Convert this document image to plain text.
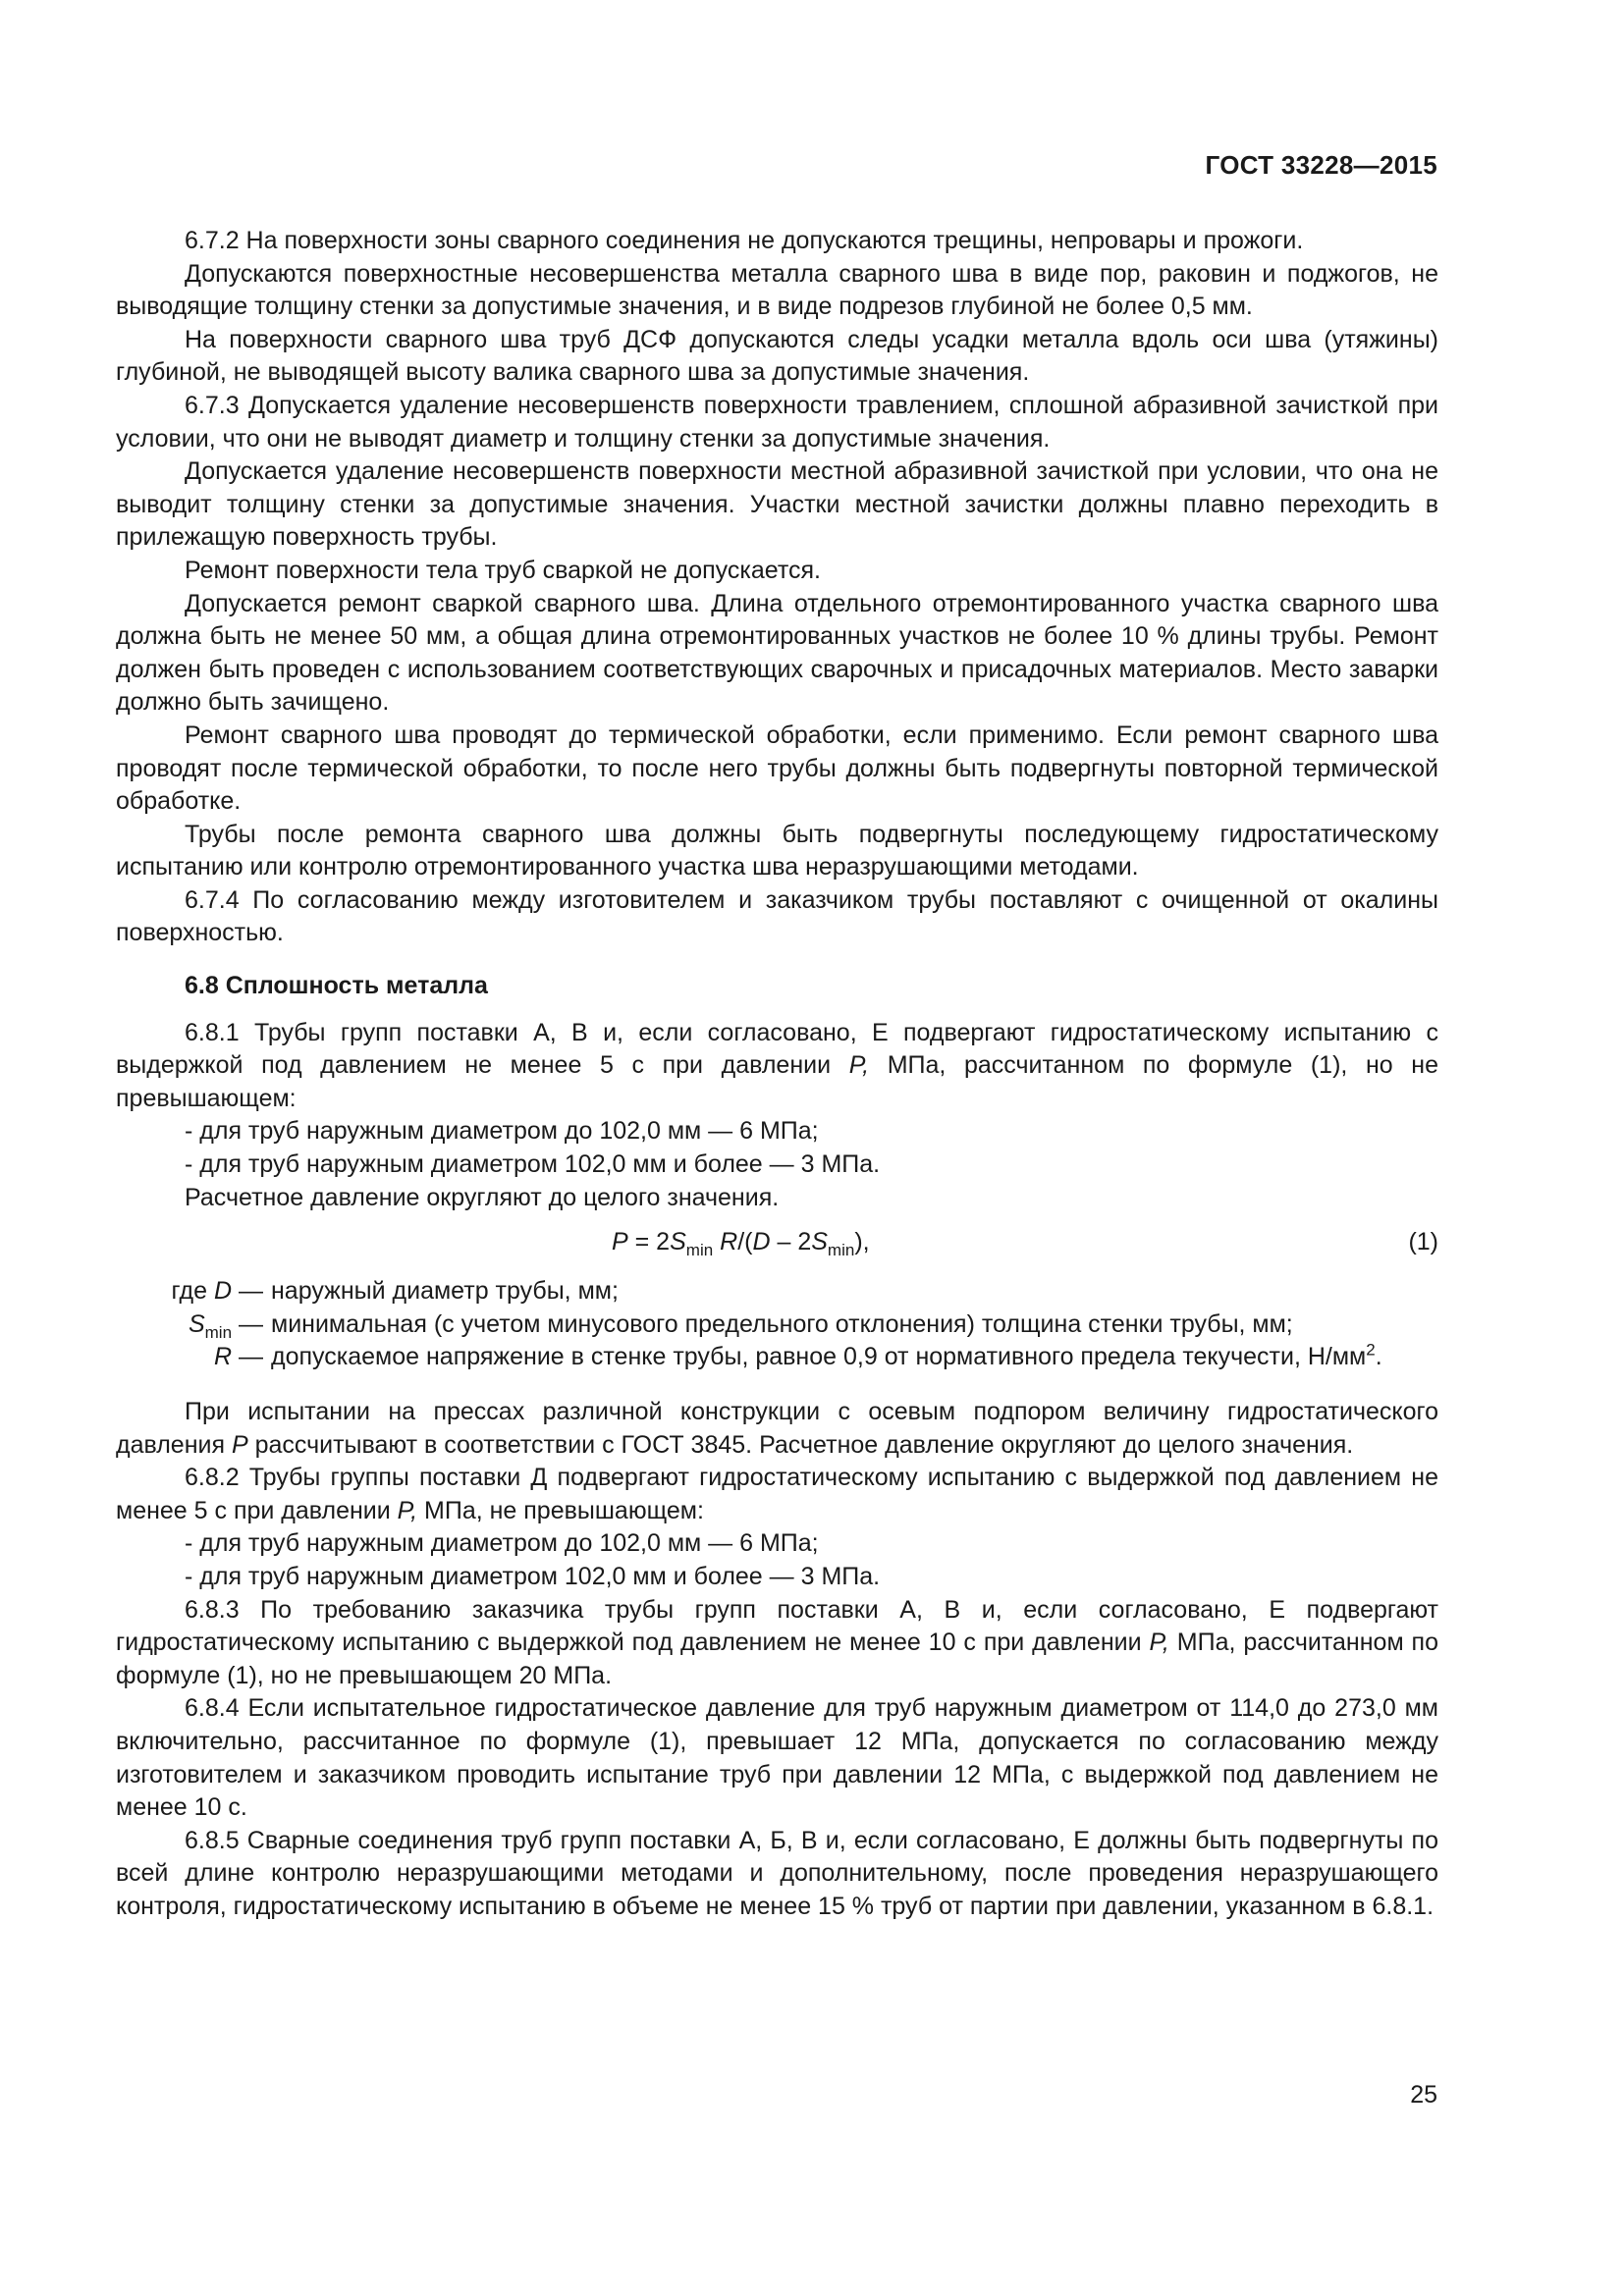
ГОСТ 33228—2015

6.7.2 На поверхности зоны сварного соединения не допускаются трещины, непровары и прожоги.

Допускаются поверхностные несовершенства металла сварного шва в виде пор, раковин и поджогов, не выводящие толщину стенки за допустимые значения, и в виде подрезов глубиной не более 0,5 мм.

На поверхности сварного шва труб ДСФ допускаются следы усадки металла вдоль оси шва (утяжины) глубиной, не выводящей высоту валика сварного шва за допустимые значения.

6.7.3 Допускается удаление несовершенств поверхности травлением, сплошной абразивной зачисткой при условии, что они не выводят диаметр и толщину стенки за допустимые значения.

Допускается удаление несовершенств поверхности местной абразивной зачисткой при условии, что она не выводит толщину стенки за допустимые значения. Участки местной зачистки должны плавно переходить в прилежащую поверхность трубы.

Ремонт поверхности тела труб сваркой не допускается.

Допускается ремонт сваркой сварного шва. Длина отдельного отремонтированного участка сварного шва должна быть не менее 50 мм, а общая длина отремонтированных участков не более 10 % длины трубы. Ремонт должен быть проведен с использованием соответствующих сварочных и присадочных материалов. Место заварки должно быть зачищено.

Ремонт сварного шва проводят до термической обработки, если применимо. Если ремонт сварного шва проводят после термической обработки, то после него трубы должны быть подвергнуты повторной термической обработке.

Трубы после ремонта сварного шва должны быть подвергнуты последующему гидростатическому испытанию или контролю отремонтированного участка шва неразрушающими методами.

6.7.4 По согласованию между изготовителем и заказчиком трубы поставляют с очищенной от окалины поверхностью.

6.8 Сплошность металла

6.8.1 Трубы групп поставки А, В и, если согласовано, Е подвергают гидростатическому испытанию с выдержкой под давлением не менее 5 с при давлении P, МПа, рассчитанном по формуле (1), но не превышающем:

- для труб наружным диаметром до 102,0 мм — 6 МПа;

- для труб наружным диаметром 102,0 мм и более — 3 МПа.

Расчетное давление округляют до целого значения.

$P = 2S_{min}$ $R/(D - 2S_{min})$,	(1)
где D — наружный диаметр трубы, мм;
$S_{min}$ — минимальная (с учетом минусового предельного отклонения) толщина стенки трубы, мм;
R — допускаемое напряжение в стенке трубы, равное 0,9 от нормативного предела текучести, $Н/мм^2$.

При испытании на прессах различной конструкции с осевым подпором величину гидростатического давления P рассчитывают в соответствии с ГОСТ 3845. Расчетное давление округляют до целого значения.

6.8.2 Трубы группы поставки Д подвергают гидростатическому испытанию с выдержкой под давлением не менее 5 с при давлении P, МПа, не превышающем:

- для труб наружным диаметром до 102,0 мм — 6 МПа;

- для труб наружным диаметром 102,0 мм и более — 3 МПа.

6.8.3 По требованию заказчика трубы групп поставки А, В и, если согласовано, Е подвергают гидростатическому испытанию с выдержкой под давлением не менее 10 с при давлении P, МПа, рассчитанном по формуле (1), но не превышающем 20 МПа.

6.8.4 Если испытательное гидростатическое давление для труб наружным диаметром от 114,0 до 273,0 мм включительно, рассчитанное по формуле (1), превышает 12 МПа, допускается по согласованию между изготовителем и заказчиком проводить испытание труб при давлении 12 МПа, с выдержкой под давлением не менее 10 с.

6.8.5 Сварные соединения труб групп поставки А, Б, В и, если согласовано, Е должны быть подвергнуты по всей длине контролю неразрушающими методами и дополнительному, после проведения неразрушающего контроля, гидростатическому испытанию в объеме не менее 15 % труб от партии при давлении, указанном в 6.8.1.

25
